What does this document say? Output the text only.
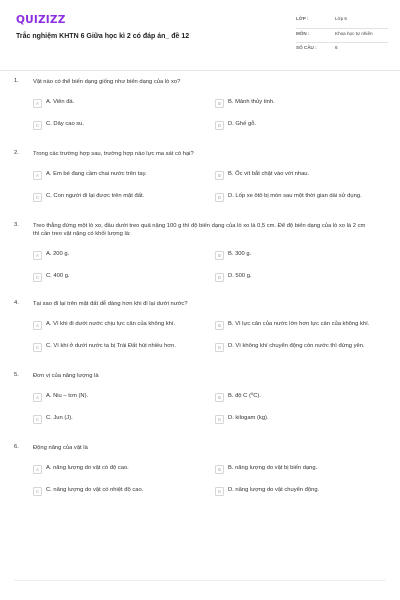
QUIZIZZ
Trắc nghiệm KHTN 6 Giữa học kì 2 có đáp án_ đề 12
LỚP :	Lớp 6
MÔN :	Khoa học tự nhiên
SỐ CÂU :	6
1. Vật nào có thể biến dạng giống như biến dạng của lò xo?
A	A. Viên đá.	B	B. Mảnh thủy tinh.
C	C. Dây cao su.	D	D. Ghế gỗ.
2. Trong các trường hợp sau, trường hợp nào lực ma sát có hại?
A	A. Em bé đang cầm chai nước trên tay.	B	B. Ốc vít bắt chặt vào với nhau.
C	C. Con người đi lại được trên mặt đất.	D	D. Lốp xe ôtô bị mòn sau một thời gian dài sử dụng.
3. Treo thẳng đứng một lò xo, đầu dưới treo quả nặng 100 g thì độ biến dạng của lò xo là 0,5 cm. Để độ biến dạng của lò xo là 2 cm thì cần treo vật nặng có khối lượng là:
A	A. 200 g.	B	B. 300 g.
C	C. 400 g.	D	D. 500 g.
4. Tại sao đi lại trên mặt đất dễ dàng hơn khi đi lại dưới nước?
A	A. Vì khi đi dưới nước chịu lực cản của không khí.	B	B. Vì lực cản của nước lớn hơn lực cản của không khí.
C	C. Vì khi ở dưới nước ta bị Trái Đất hút nhiều hơn.	D	D. Vì không khí chuyển động còn nước thì đứng yên.
5. Đơn vị của năng lượng là
A	A. Niu – tơn (N).	B	B. độ C (⁰C).
C	C. Jun (J).	D	D. kilogam (kg).
6. Động năng của vật là
A	A. năng lượng do vật có độ cao.	B	B. năng lượng do vật bị biến dạng.
C	C. năng lượng do vật có nhiệt độ cao.	D	D. năng lượng do vật chuyển động.
